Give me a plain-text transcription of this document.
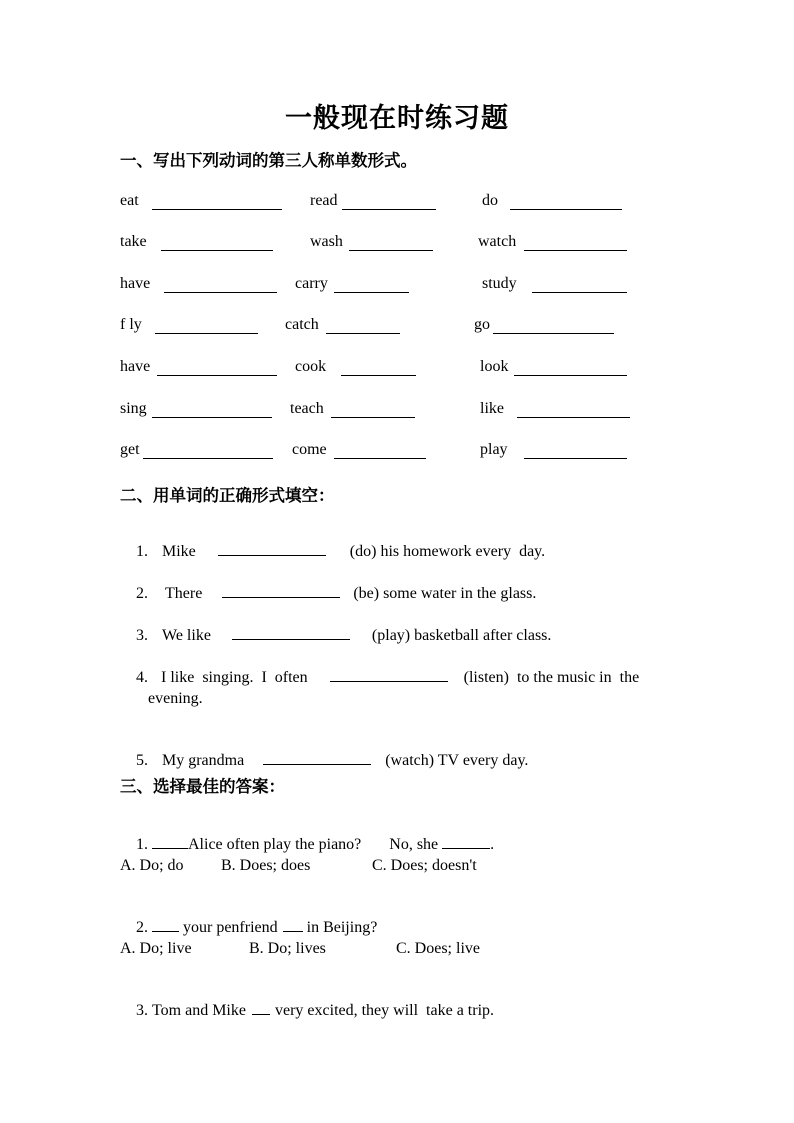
一般现在时练习题
一、写出下列动词的第三人称单数形式。
eat	read	do
take	wash	watch
have	carry	study
f ly	catch	go
have	cook	look
sing	teach	like
get	come	play
二、用单词的正确形式填空：

1. Mike	(do) his homework every  day.

2. There	(be) some water in the glass.

3. We like	(play) basketball after class.

4. I like  singing.  I  often	(listen)  to the music in  the

evening.

5. My grandma	(watch) TV every day.

三、选择最佳的答案：

1.	Alice often play the piano? No, she	.

A. Do; do B. Does; does	C. Does; doesn't

2. your penfriend in Beijing?

A. Do; live	B. Do; lives	C. Does; live

3. Tom and Mike very excited, they will  take a trip.
